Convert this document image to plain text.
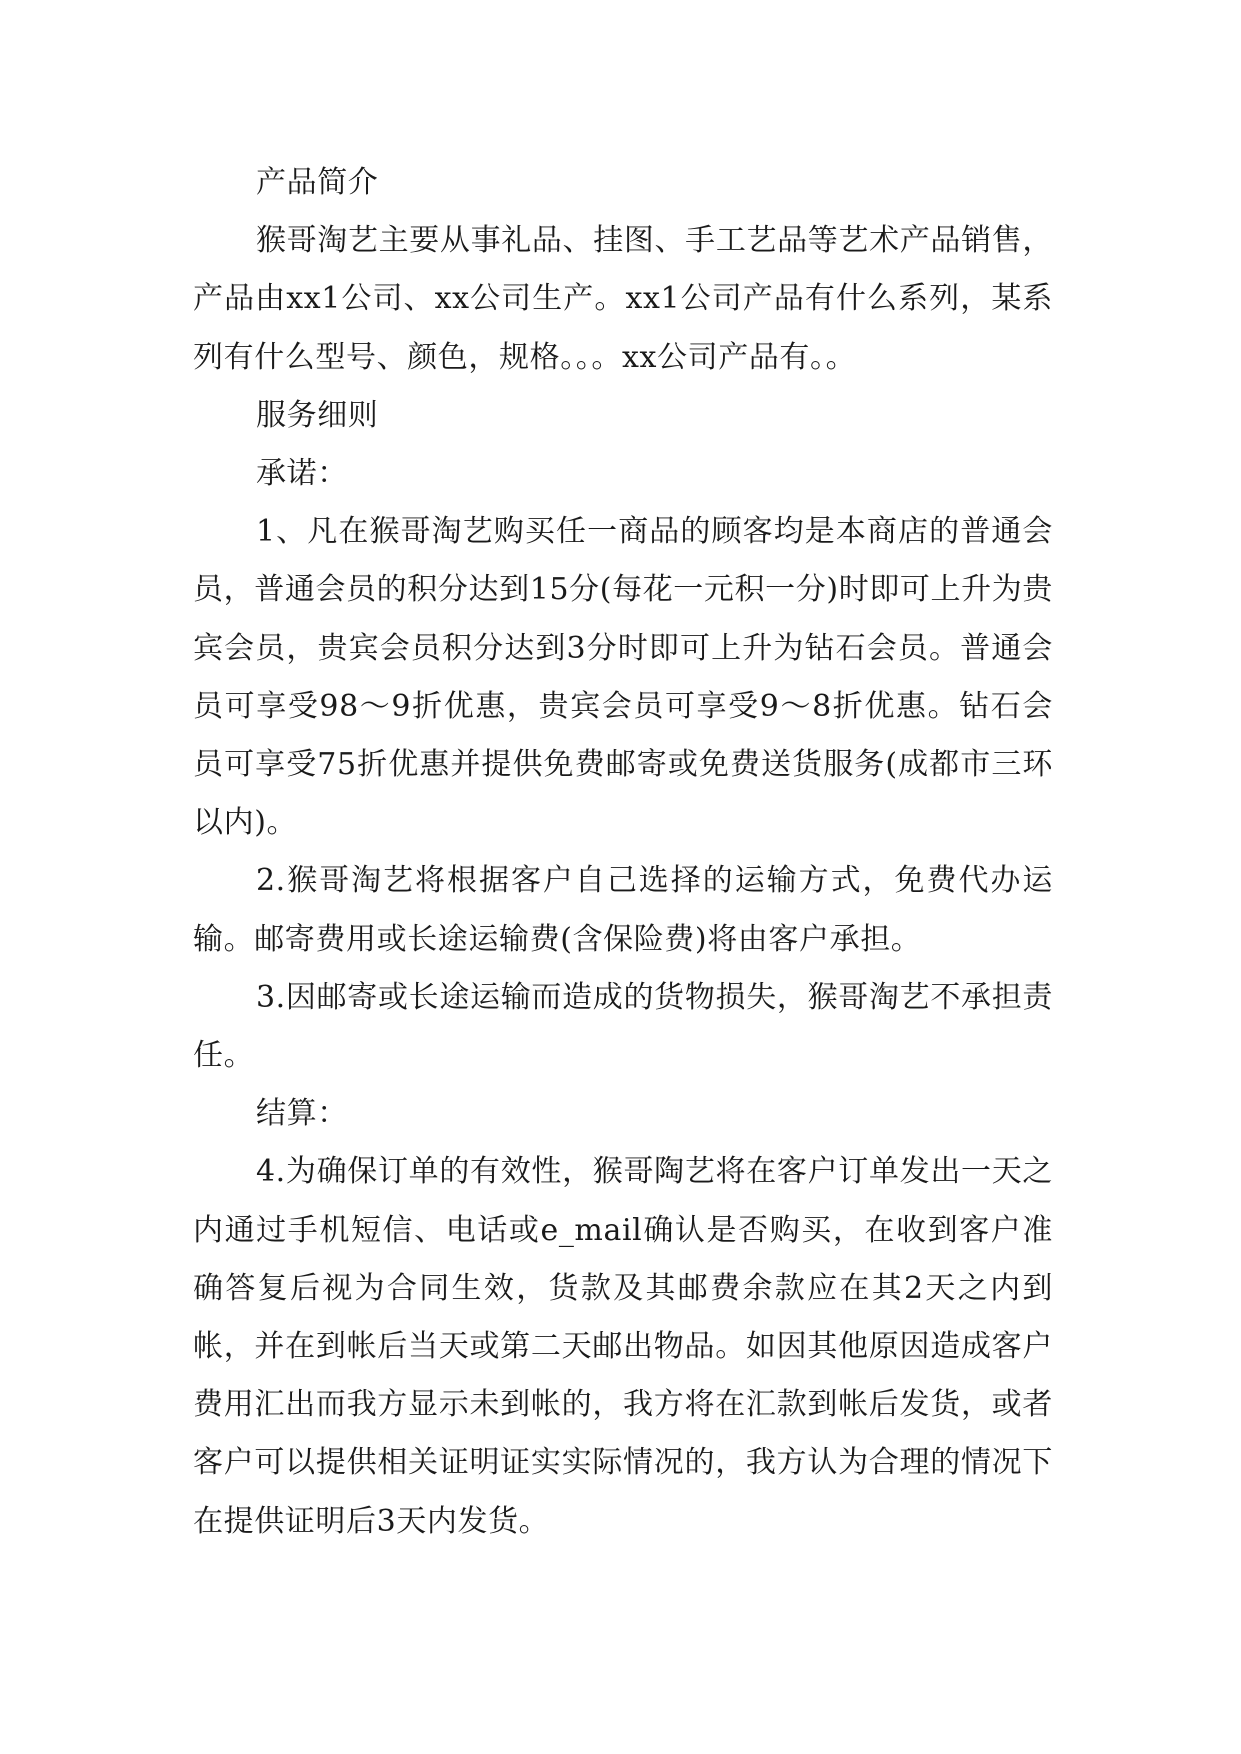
产品简介

猴哥淘艺主要从事礼品、挂图、手工艺品等艺术产品销售，产品由xx1公司、xx公司生产。xx1公司产品有什么系列，某系列有什么型号、颜色，规格。。。xx公司产品有。。

服务细则

承诺：

1、凡在猴哥淘艺购买任一商品的顾客均是本商店的普通会员，普通会员的积分达到15分(每花一元积一分)时即可上升为贵宾会员，贵宾会员积分达到3分时即可上升为钻石会员。普通会员可享受98～9折优惠，贵宾会员可享受9～8折优惠。钻石会员可享受75折优惠并提供免费邮寄或免费送货服务(成都市三环以内)。

2.猴哥淘艺将根据客户自己选择的运输方式，免费代办运输。邮寄费用或长途运输费(含保险费)将由客户承担。

3.因邮寄或长途运输而造成的货物损失，猴哥淘艺不承担责任。

结算：

4.为确保订单的有效性，猴哥陶艺将在客户订单发出一天之内通过手机短信、电话或e_mail确认是否购买，在收到客户准确答复后视为合同生效，货款及其邮费余款应在其2天之内到帐，并在到帐后当天或第二天邮出物品。如因其他原因造成客户费用汇出而我方显示未到帐的，我方将在汇款到帐后发货，或者客户可以提供相关证明证实实际情况的，我方认为合理的情况下在提供证明后3天内发货。
